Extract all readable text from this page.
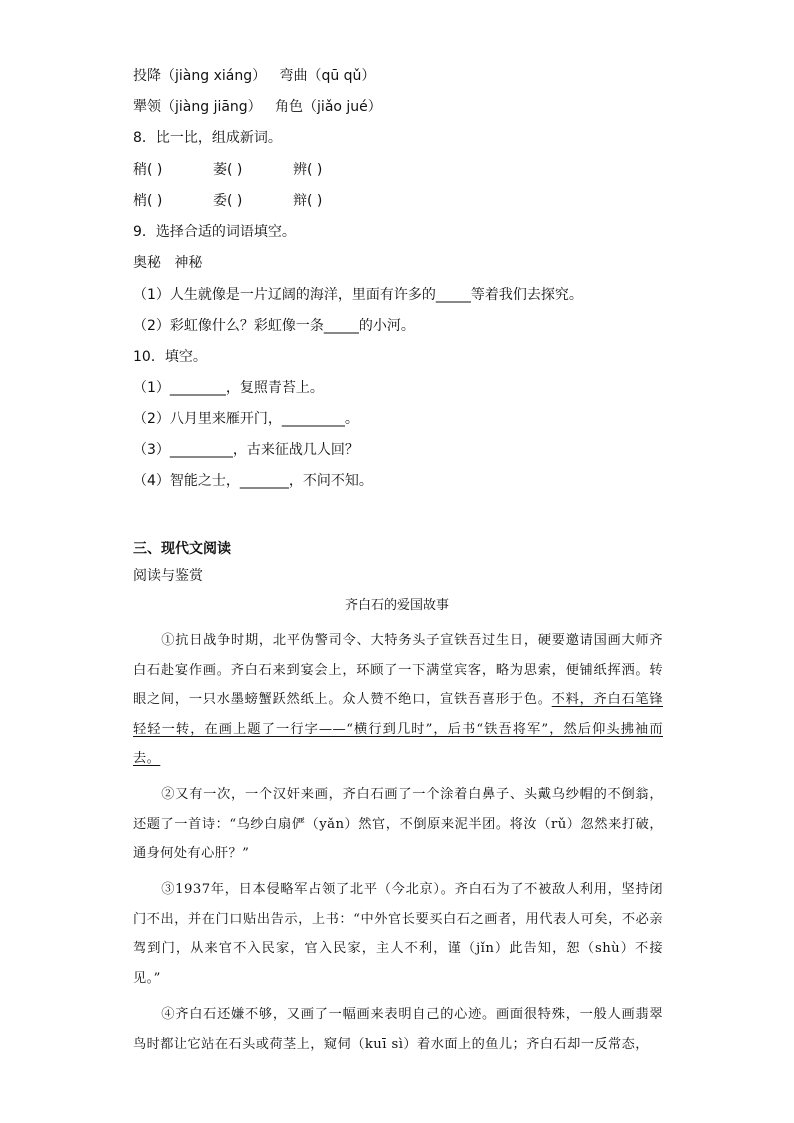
投降（jiàng xiáng） 弯曲（qū qǔ）
犟领（jiàng jiāng） 角色（jiǎo jué）
8．比一比，组成新词。
稍( )	萎( )	辨( )
梢( )	委( )	辩( )
9．选择合适的词语填空。
奥秘   神秘
（1）人生就像是一片辽阔的海洋，里面有许多的_____等着我们去探究。
（2）彩虹像什么？彩虹像一条_____的小河。
10．填空。
（1）________，复照青苔上。
（2）八月里来雁开门，_________。
（3）_________，古来征战几人回？
（4）智能之士，_______，不问不知。
三、现代文阅读
阅读与鉴赏
齐白石的爱国故事
①抗日战争时期，北平伪警司令、大特务头子宣铁吾过生日，硬要邀请国画大师齐白石赴宴作画。齐白石来到宴会上，环顾了一下满堂宾客，略为思索，便铺纸挥洒。转眼之间，一只水墨螃蟹跃然纸上。众人赞不绝口，宣铁吾喜形于色。不料，齐白石笔锋轻轻一转，在画上题了一行字——“横行到几时”，后书“铁吾将军”，然后仰头拂袖而去。
②又有一次，一个汉奸来画，齐白石画了一个涂着白鼻子、头戴乌纱帽的不倒翁，还题了一首诗：“乌纱白扇俨（yǎn）然官，不倒原来泥半团。将汝（rǔ）忽然来打破，通身何处有心肝？”
③1937年，日本侵略军占领了北平（今北京）。齐白石为了不被敌人利用，坚持闭门不出，并在门口贴出告示，上书：“中外官长要买白石之画者，用代表人可矣，不必亲驾到门，从来官不入民家，官入民家，主人不利，谨（jǐn）此告知，恕（shù）不接见。”
④齐白石还嫌不够，又画了一幅画来表明自己的心迹。画面很特殊，一般人画翡翠鸟时都让它站在石头或荷茎上，窥伺（kuī sì）着水面上的鱼儿；齐白石却一反常态，
